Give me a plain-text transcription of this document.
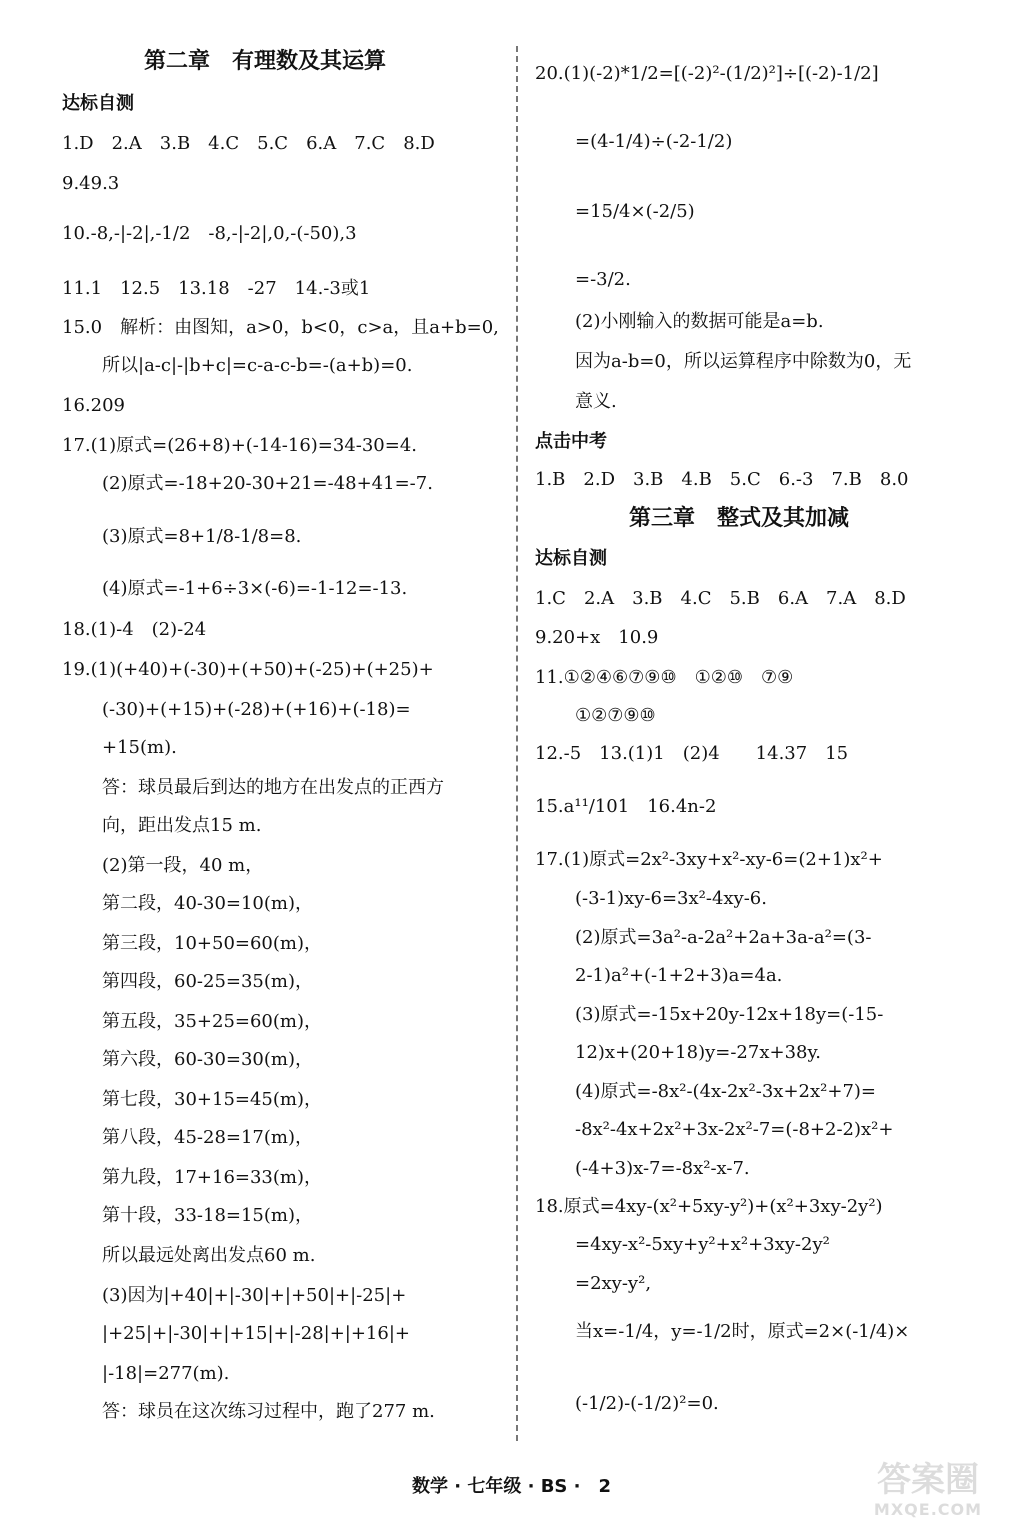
第二章　有理数及其运算
达标自测
1.D　2.A　3.B　4.C　5.C　6.A　7.C　8.D
9.49.3
10.-8,-|-2|,-1/2　-8,-|-2|,0,-(-50),3
11.1　12.5　13.18　-27　14.-3或1
15.0　解析：由图知，a>0，b<0，c>a，且a+b=0,
所以|a-c|-|b+c|=c-a-c-b=-(a+b)=0.
16.209
17.(1)原式=(26+8)+(-14-16)=34-30=4.
(2)原式=-18+20-30+21=-48+41=-7.
(3)原式=8+1/8-1/8=8.
(4)原式=-1+6÷3×(-6)=-1-12=-13.
18.(1)-4　(2)-24
19.(1)(+40)+(-30)+(+50)+(-25)+(+25)+
(-30)+(+15)+(-28)+(+16)+(-18)=
+15(m).
答：球员最后到达的地方在出发点的正西方
向，距出发点15 m.
(2)第一段，40 m，
第二段，40-30=10(m)，
第三段，10+50=60(m)，
第四段，60-25=35(m)，
第五段，35+25=60(m)，
第六段，60-30=30(m)，
第七段，30+15=45(m)，
第八段，45-28=17(m)，
第九段，17+16=33(m)，
第十段，33-18=15(m)，
所以最远处离出发点60 m.
(3)因为|+40|+|-30|+|+50|+|-25|+
|+25|+|-30|+|+15|+|-28|+|+16|+
|-18|=277(m).
答：球员在这次练习过程中，跑了277 m.
20.(1)(-2)*1/2=[(-2)²-(1/2)²]÷[(-2)-1/2]
=(4-1/4)÷(-2-1/2)
=15/4×(-2/5)
=-3/2.
(2)小刚输入的数据可能是a=b.
因为a-b=0，所以运算程序中除数为0，无
意义.
点击中考
1.B　2.D　3.B　4.B　5.C　6.-3　7.B　8.0
第三章　整式及其加减
达标自测
1.C　2.A　3.B　4.C　5.B　6.A　7.A　8.D
9.20+x　10.9
11.①②④⑥⑦⑨⑩　①②⑩　⑦⑨
①②⑦⑨⑩
12.-5　13.(1)1　(2)4　　14.37　15
15.a¹¹/101　16.4n-2
17.(1)原式=2x²-3xy+x²-xy-6=(2+1)x²+
(-3-1)xy-6=3x²-4xy-6.
(2)原式=3a²-a-2a²+2a+3a-a²=(3-
2-1)a²+(-1+2+3)a=4a.
(3)原式=-15x+20y-12x+18y=(-15-
12)x+(20+18)y=-27x+38y.
(4)原式=-8x²-(4x-2x²-3x+2x²+7)=
-8x²-4x+2x²+3x-2x²-7=(-8+2-2)x²+
(-4+3)x-7=-8x²-x-7.
18.原式=4xy-(x²+5xy-y²)+(x²+3xy-2y²)
=4xy-x²-5xy+y²+x²+3xy-2y²
=2xy-y²,
当x=-1/4，y=-1/2时，原式=2×(-1/4)×
(-1/2)-(-1/2)²=0.
数学 · 七年级 · BS ·　2	答案圈
MXQE.COM
